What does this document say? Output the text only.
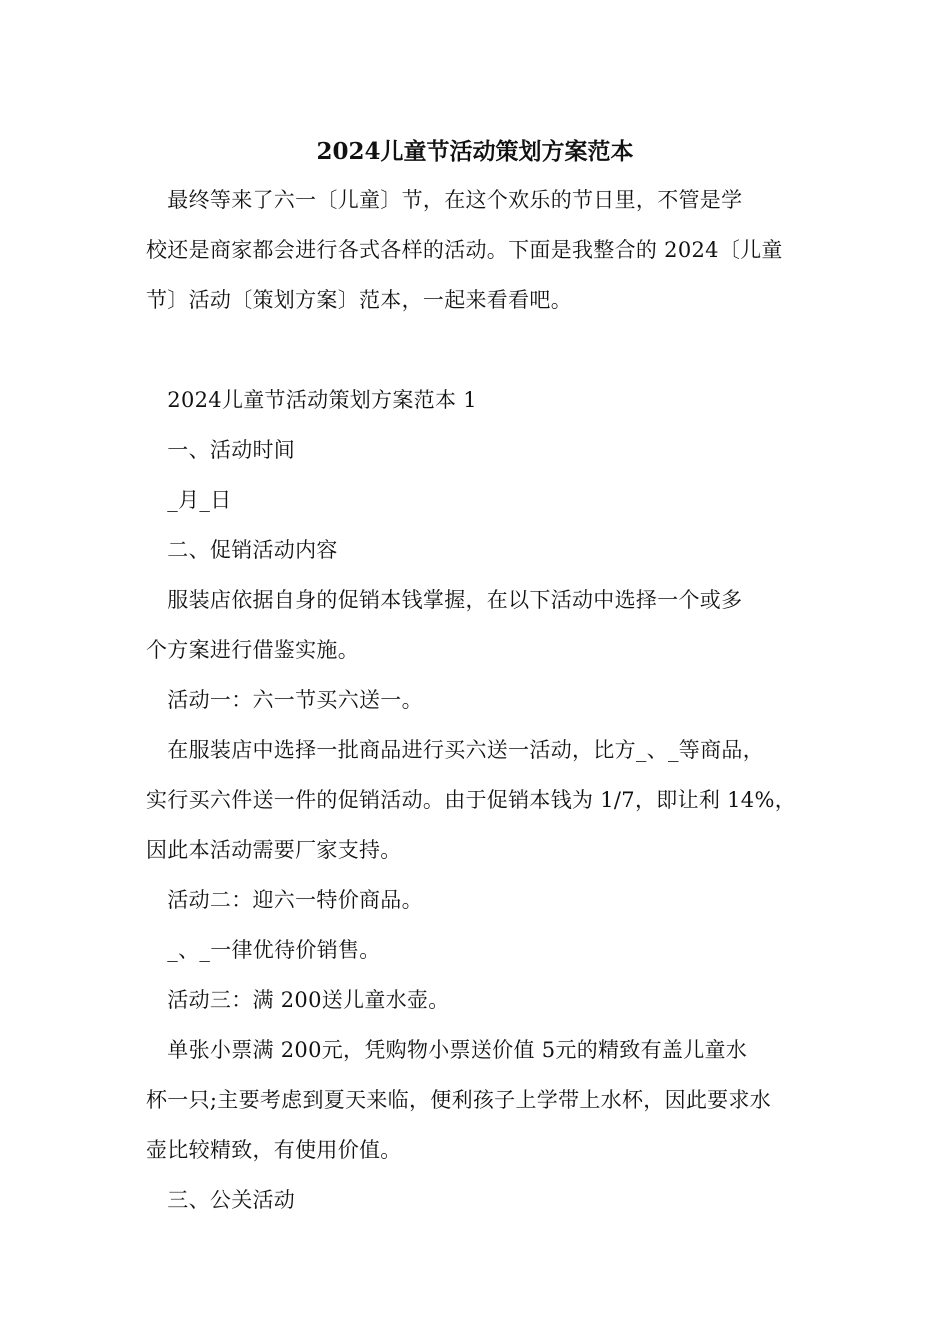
2024儿童节活动策划方案范本
　最终等来了六一〔儿童〕节，在这个欢乐的节日里，不管是学
校还是商家都会进行各式各样的活动。下面是我整合的 2024〔儿童
节〕活动〔策划方案〕范本，一起来看看吧。
　2024儿童节活动策划方案范本 1
　一、活动时间
　_月_日
　二、促销活动内容
　服装店依据自身的促销本钱掌握，在以下活动中选择一个或多
个方案进行借鉴实施。
　活动一：六一节买六送一。
　在服装店中选择一批商品进行买六送一活动，比方_、_等商品，
实行买六件送一件的促销活动。由于促销本钱为 1/7，即让利 14%，
因此本活动需要厂家支持。
　活动二：迎六一特价商品。
　_、_一律优待价销售。
　活动三：满 200送儿童水壶。
　单张小票满 200元，凭购物小票送价值 5元的精致有盖儿童水
杯一只;主要考虑到夏天来临，便利孩子上学带上水杯，因此要求水
壶比较精致，有使用价值。
　三、公关活动
